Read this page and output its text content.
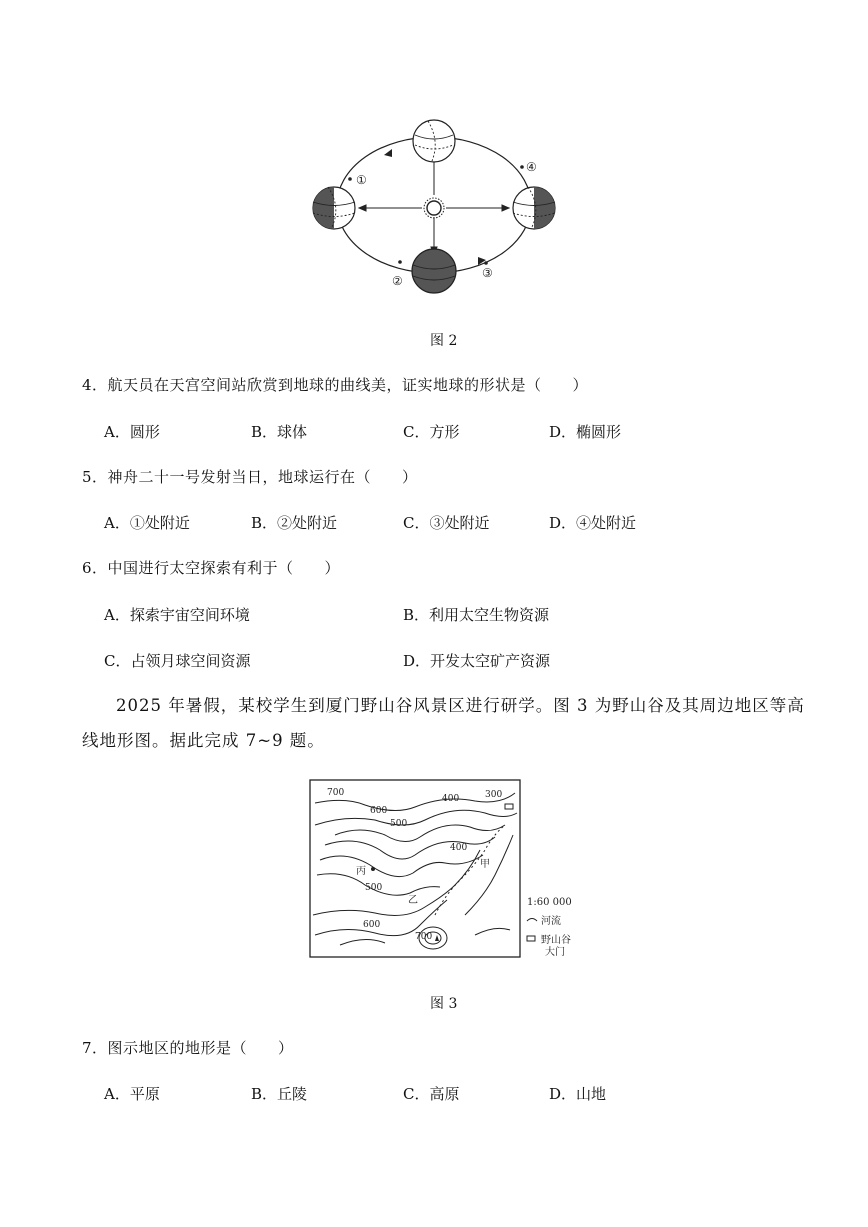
①
②
③
④
图 2
4．航天员在天宫空间站欣赏到地球的曲线美，证实地球的形状是（　　）
A．圆形	B．球体	C．方形	D．椭圆形
5．神舟二十一号发射当日，地球运行在（　　）
A．①处附近	B．②处附近	C．③处附近	D．④处附近
6．中国进行太空探索有利于（　　）
A．探索宇宙空间环境	B．利用太空生物资源
C．占领月球空间资源	D．开发太空矿产资源
2025 年暑假，某校学生到厦门野山谷风景区进行研学。图 3 为野山谷及其周边地区等高
线地形图。据此完成 7~9 题。
700
600
500
400	300
400
500
600
700
丙
乙
甲
1:60 000
河流
野山谷
大门
图 3
7．图示地区的地形是（　　）
A．平原	B．丘陵	C．高原	D．山地
